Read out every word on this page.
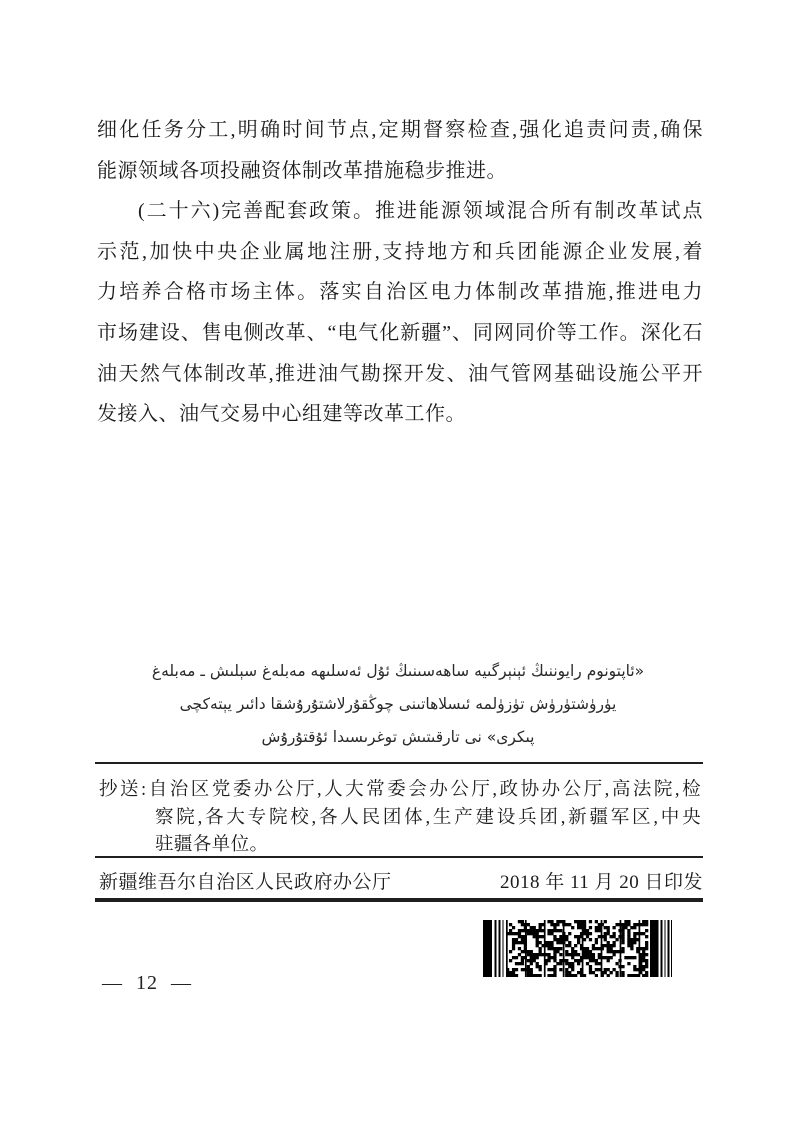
细化任务分工,明确时间节点,定期督察检查,强化追责问责,确保
能源领域各项投融资体制改革措施稳步推进。
(二十六)完善配套政策。推进能源领域混合所有制改革试点
示范,加快中央企业属地注册,支持地方和兵团能源企业发展,着
力培养合格市场主体。落实自治区电力体制改革措施,推进电力
市场建设、售电侧改革、“电气化新疆”、同网同价等工作。深化石
油天然气体制改革,推进油气勘探开发、油气管网基础设施公平开
发接入、油气交易中心组建等改革工作。
«ئاپتونوم رايوننىڭ ئېنېرگىيە ساھەسىنىڭ ئۇل ئەسلىھە مەبلەغ سېلىش ـ مەبلەغ
يۈرۈشتۈرۈش تۈزۈلمە ئىسلاھاتىنى چوڭقۇرلاشتۇرۇشقا دائىر يېتەكچى
پىكرى» نى تارقىتىش توغرىسىدا ئۇقتۇرۇش
抄送:自治区党委办公厅,人大常委会办公厅,政协办公厅,高法院,检
察院,各大专院校,各人民团体,生产建设兵团,新疆军区,中央
驻疆各单位。
新疆维吾尔自治区人民政府办公厅	2018 年 11 月 20 日印发
— 12 —
